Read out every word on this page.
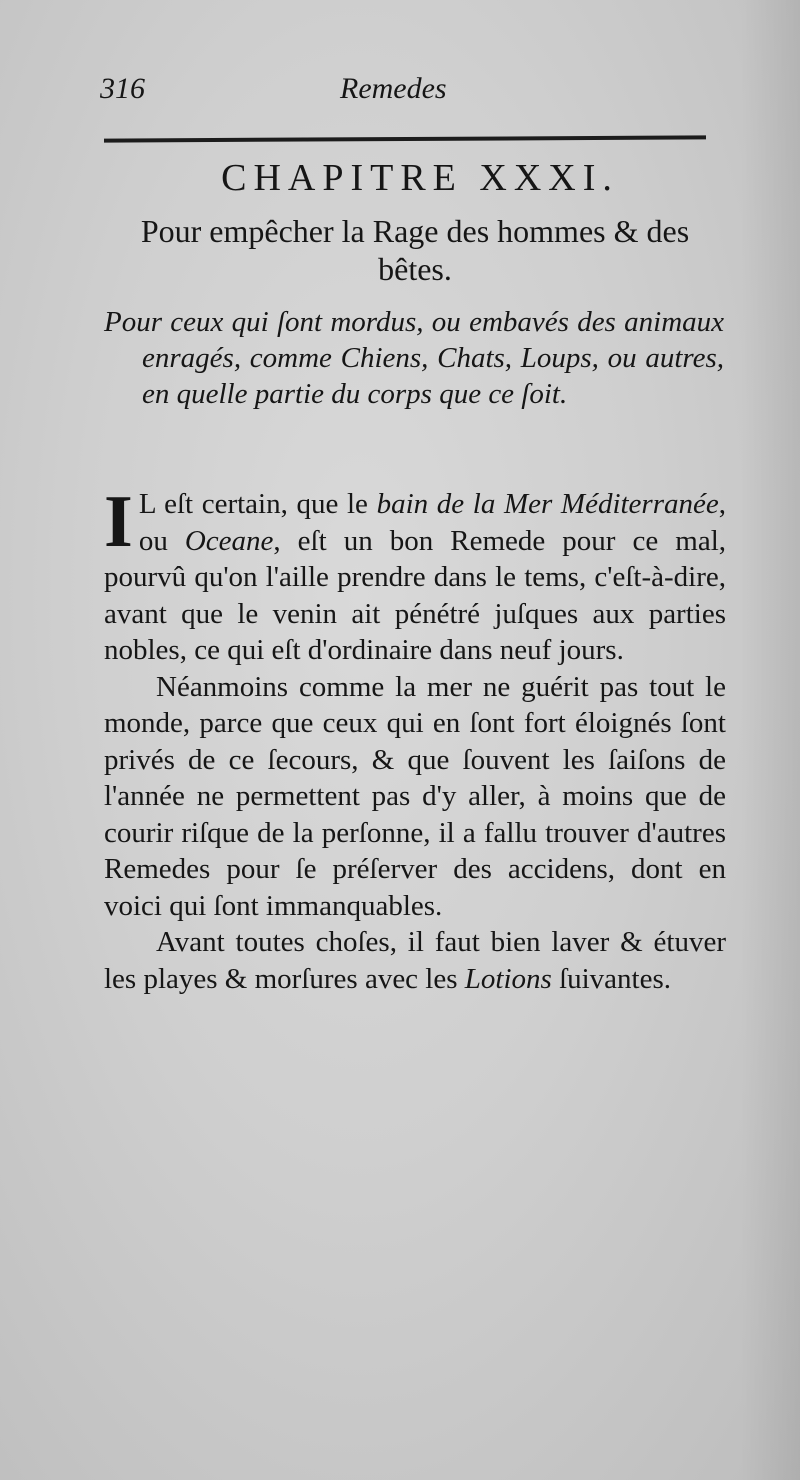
316	Remedes
CHAPITRE XXXI.
Pour empêcher la Rage des hommes & des bêtes.
Pour ceux qui ſont mordus, ou embavés des animaux enragés, comme Chiens, Chats, Loups, ou autres, en quelle partie du corps que ce ſoit.

I L eſt certain, que le bain de la Mer Méditerranée, ou Oceane, eſt un bon Remede pour ce mal, pourvû qu'on l'aille prendre dans le tems, c'eſt-à-dire, avant que le venin ait pénétré juſques aux parties nobles, ce qui eſt d'ordinaire dans neuf jours.

Néanmoins comme la mer ne guérit pas tout le monde, parce que ceux qui en ſont fort éloignés ſont privés de ce ſecours, & que ſouvent les ſaiſons de l'année ne permettent pas d'y aller, à moins que de courir riſque de la perſonne, il a fallu trouver d'autres Remedes pour ſe préſerver des accidens, dont en voici qui ſont immanquables.

Avant toutes choſes, il faut bien laver & étuver les playes & morſures avec les Lotions ſuivantes.
